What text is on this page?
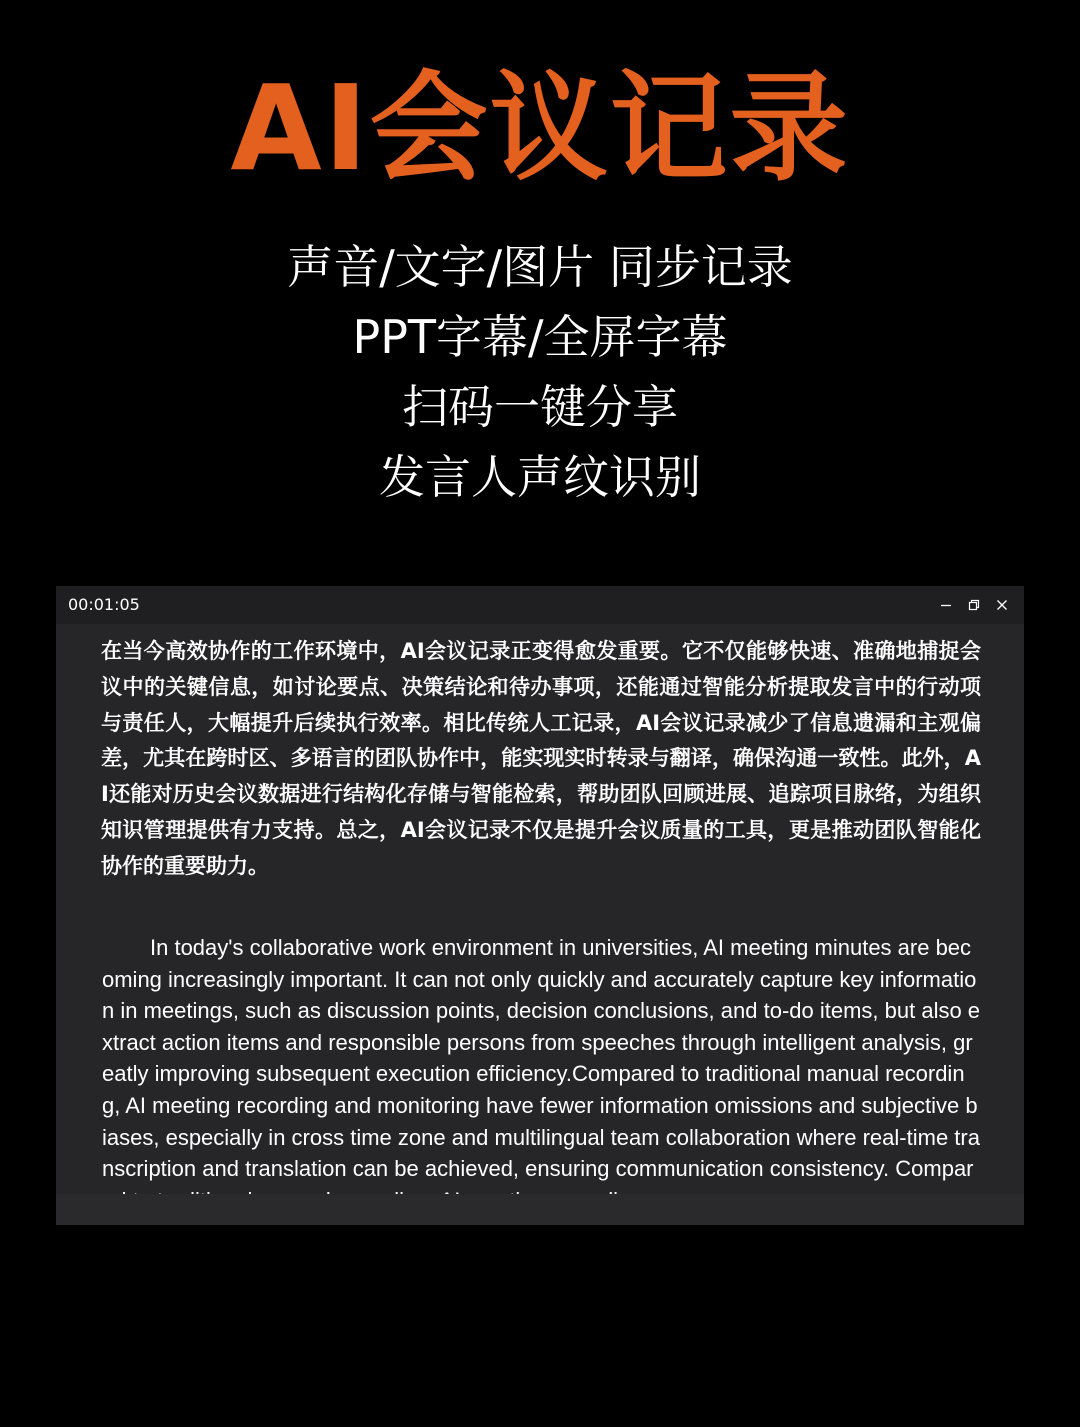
AI会议记录
声音/文字/图片 同步记录
PPT字幕/全屏字幕
扫码一键分享
发言人声纹识别
00:01:05

在当今高效协作的工作环境中，AI会议记录正变得愈发重要。它不仅能够快速、准确地捕捉会议中的关键信息，如讨论要点、决策结论和待办事项，还能通过智能分析提取发言中的行动项与责任人，大幅提升后续执行效率。相比传统人工记录，AI会议记录减少了信息遗漏和主观偏差，尤其在跨时区、多语言的团队协作中，能实现实时转录与翻译，确保沟通一致性。此外，AI还能对历史会议数据进行结构化存储与智能检索，帮助团队回顾进展、追踪项目脉络，为组织知识管理提供有力支持。总之，AI会议记录不仅是提升会议质量的工具，更是推动团队智能化协作的重要助力。

In today's collaborative work environment in universities, AI meeting minutes are becoming increasingly important. It can not only quickly and accurately capture key information in meetings, such as discussion points, decision conclusions, and to-do items, but also extract action items and responsible persons from speeches through intelligent analysis, greatly improving subsequent execution efficiency.Compared to traditional manual recording, AI meeting recording and monitoring have fewer information omissions and subjective biases, especially in cross time zone and multilingual team collaboration where real-time transcription and translation can be achieved, ensuring communication consistency. Compar
